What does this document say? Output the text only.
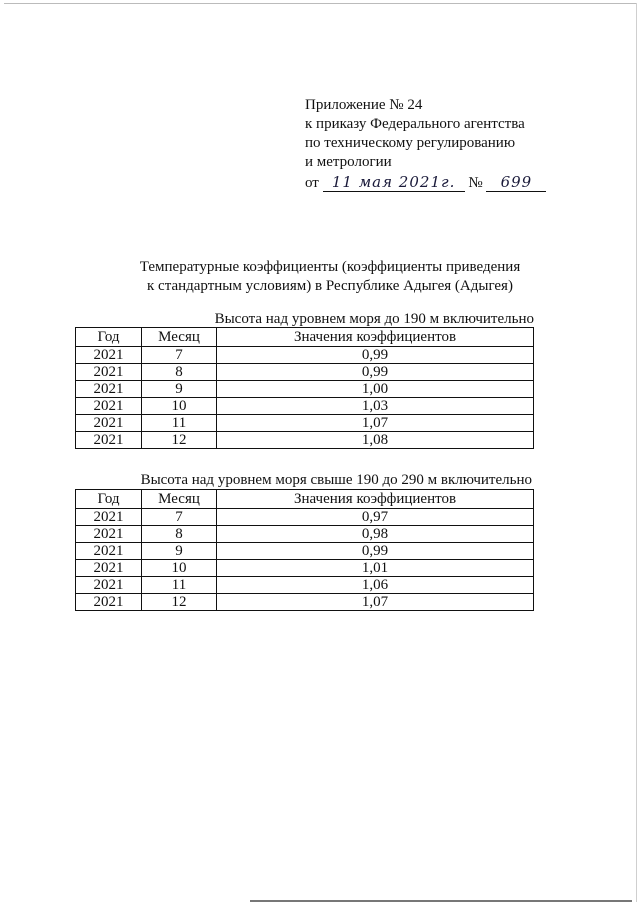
Приложение № 24
к приказу Федерального агентства
по техническому регулированию
и метрологии
от 11 мая 2021г. № 699
Температурные коэффициенты (коэффициенты приведения
к стандартным условиям) в Республике Адыгея (Адыгея)
Высота над уровнем моря до 190 м включительно
Год	Месяц	Значения коэффициентов
2021	7	0,99
2021	8	0,99
2021	9	1,00
2021	10	1,03
2021	11	1,07
2021	12	1,08
Высота над уровнем моря свыше 190 до 290 м включительно
Год	Месяц	Значения коэффициентов
2021	7	0,97
2021	8	0,98
2021	9	0,99
2021	10	1,01
2021	11	1,06
2021	12	1,07
